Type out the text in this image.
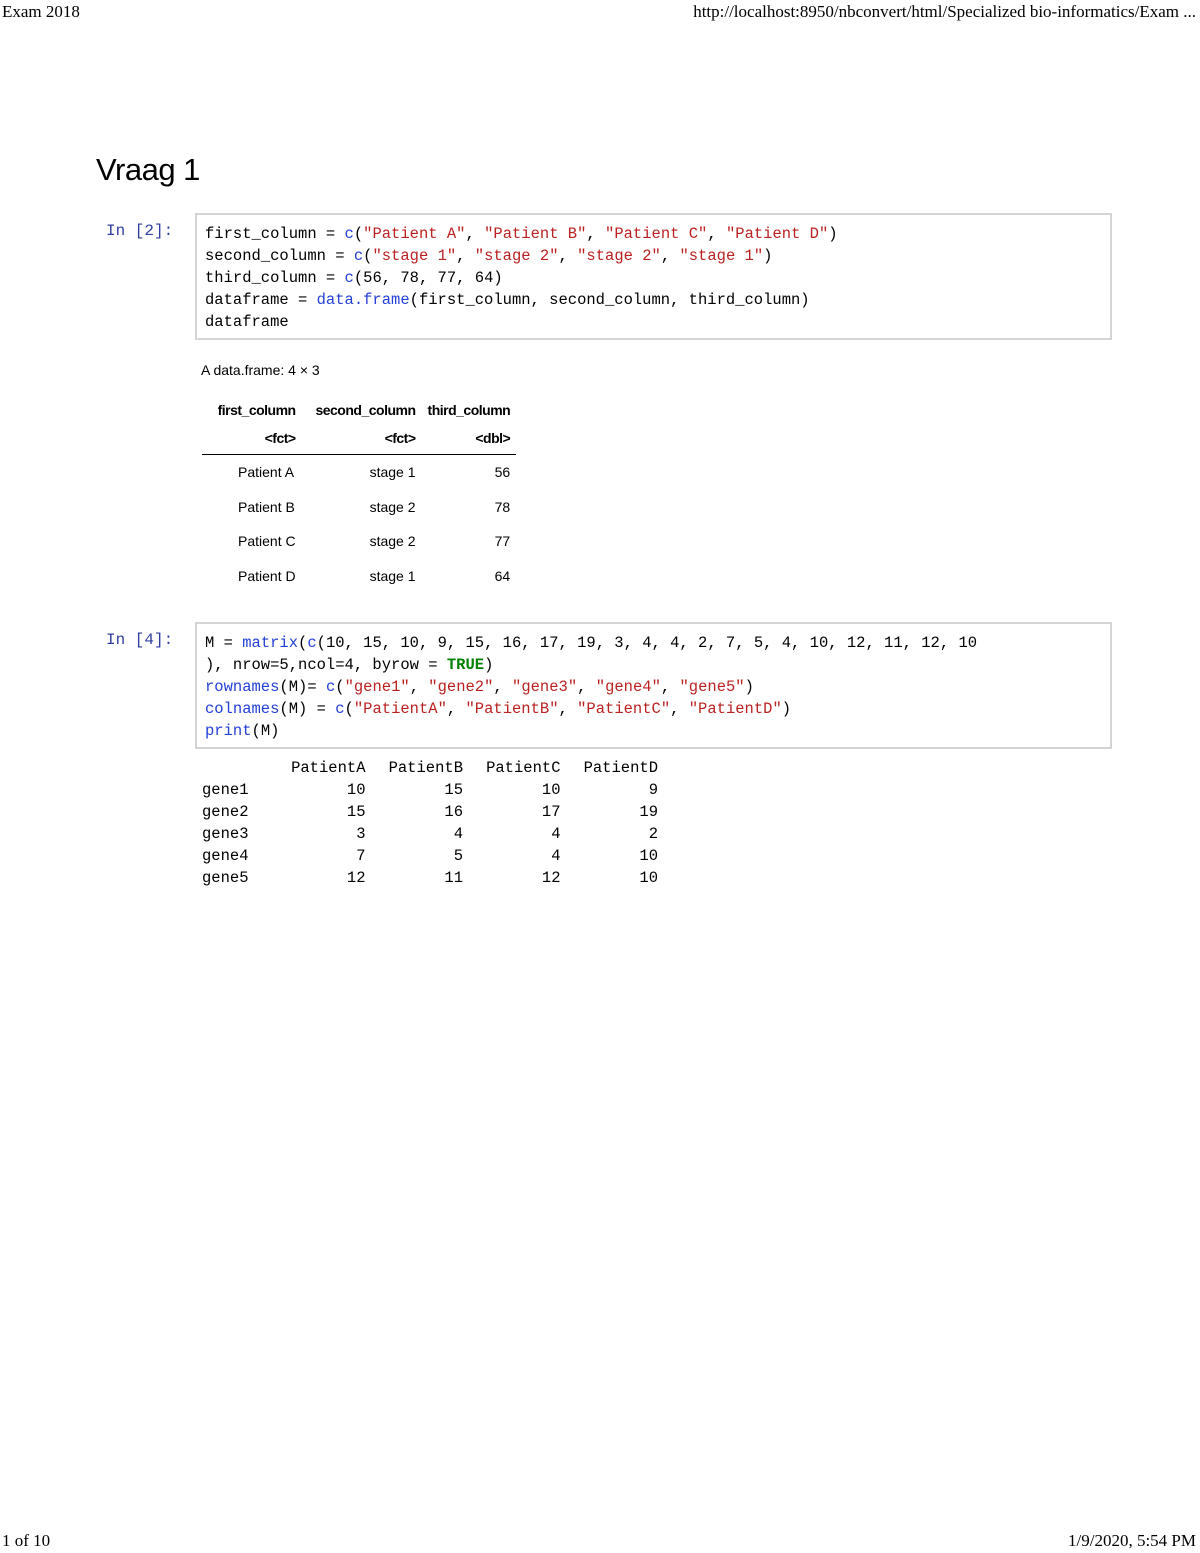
Exam 2018	http://localhost:8950/nbconvert/html/Specialized bio-informatics/Exam ...
Vraag 1
In [2]:	first_column = c("Patient A", "Patient B", "Patient C", "Patient D")
second_column = c("stage 1", "stage 2", "stage 2", "stage 1")
third_column = c(56, 78, 77, 64)
dataframe = data.frame(first_column, second_column, third_column)
dataframe
A data.frame: 4 × 3
first_column	second_column	third_column
<fct>	<fct>	<dbl>
Patient A	stage 1	56
Patient B	stage 2	78
Patient C	stage 2	77
Patient D	stage 1	64
In [4]:	M = matrix(c(10, 15, 10, 9, 15, 16, 17, 19, 3, 4, 4, 2, 7, 5, 4, 10, 12, 11, 12, 10
), nrow=5,ncol=4, byrow = TRUE)
rownames(M)= c("gene1", "gene2", "gene3", "gene4", "gene5")
colnames(M) = c("PatientA", "PatientB", "PatientC", "PatientD")
print(M)
	PatientA	PatientB	PatientC	PatientD
gene1	10	15	10	9
gene2	15	16	17	19
gene3	3	4	4	2
gene4	7	5	4	10
gene5	12	11	12	10
1 of 10	1/9/2020, 5:54 PM
